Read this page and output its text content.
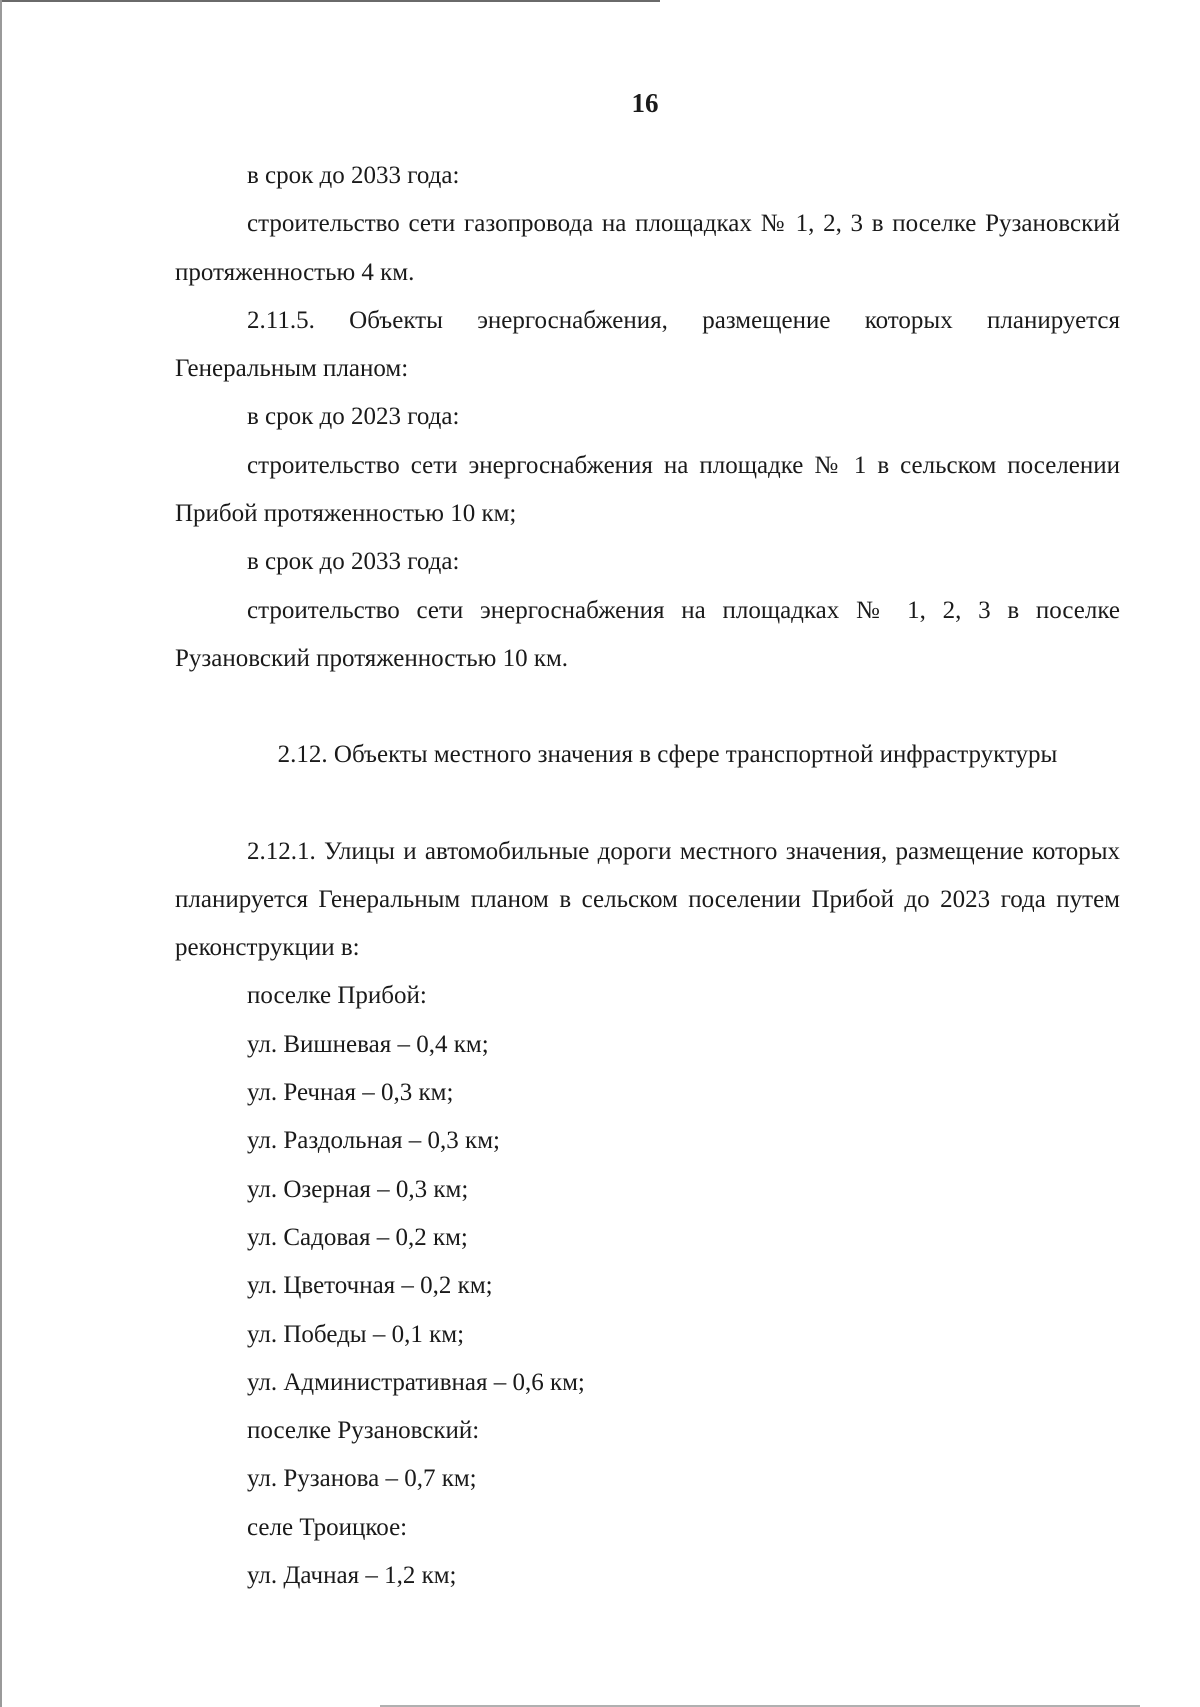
16

в срок до 2033 года:

строительство сети газопровода на площадках № 1, 2, 3 в поселке Рузановский протяженностью 4 км.

2.11.5. Объекты энергоснабжения, размещение которых планируется Генеральным планом:

в срок до 2023 года:

строительство сети энергоснабжения на площадке № 1 в сельском поселении Прибой протяженностью 10 км;

в срок до 2033 года:

строительство сети энергоснабжения на площадках № 1, 2, 3 в поселке Рузановский протяженностью 10 км.

2.12. Объекты местного значения в сфере транспортной инфраструктуры

2.12.1. Улицы и автомобильные дороги местного значения, размещение которых планируется Генеральным планом в сельском поселении Прибой до 2023 года путем реконструкции в:

поселке Прибой:

ул. Вишневая – 0,4 км;

ул. Речная – 0,3 км;

ул. Раздольная – 0,3 км;

ул. Озерная – 0,3 км;

ул. Садовая – 0,2 км;

ул. Цветочная – 0,2 км;

ул. Победы – 0,1 км;

ул. Административная – 0,6 км;

поселке Рузановский:

ул. Рузанова – 0,7 км;

селе Троицкое:

ул. Дачная – 1,2 км;
